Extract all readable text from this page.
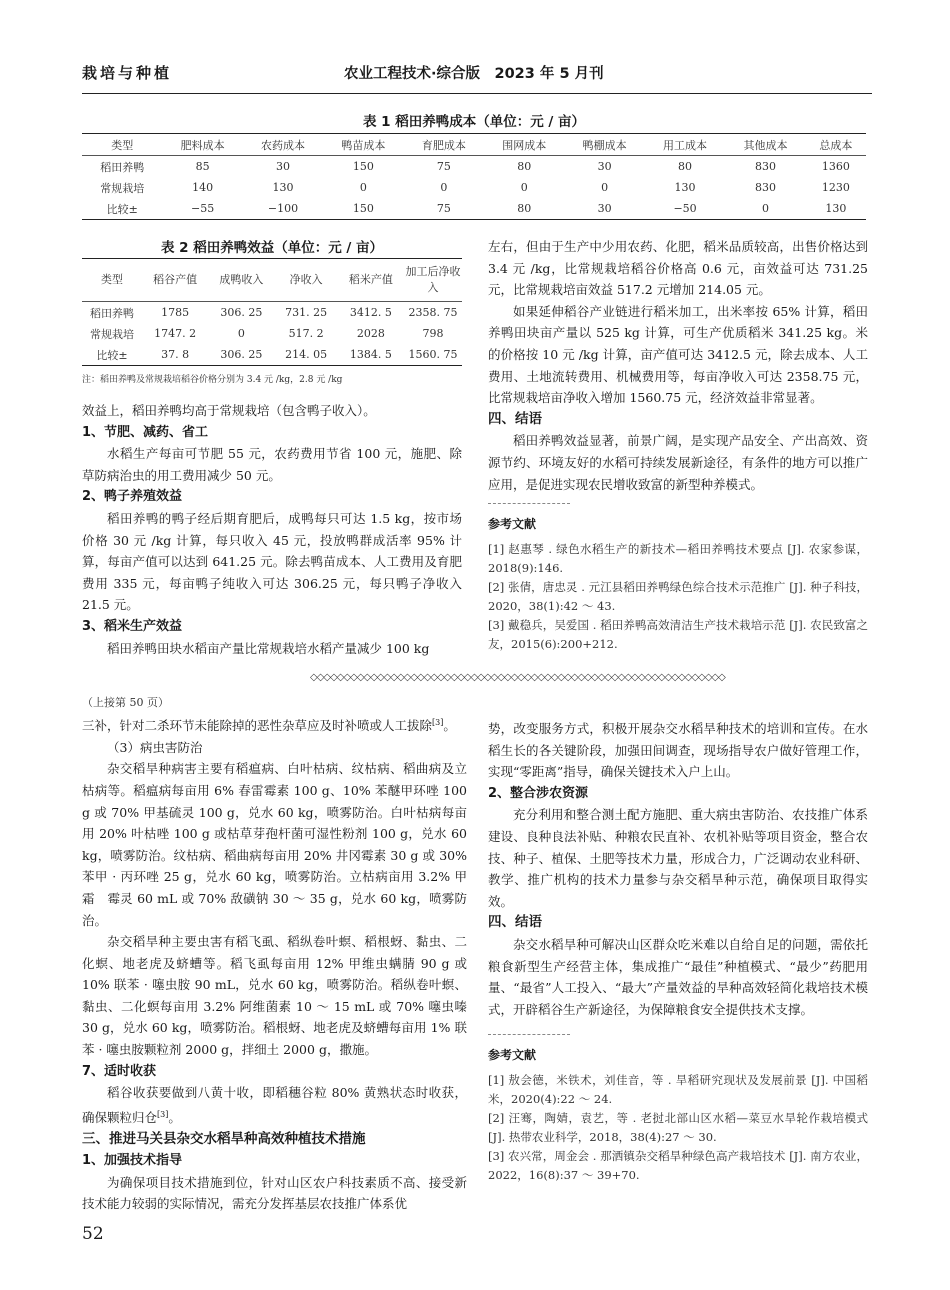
栽培与种植	农业工程技术·综合版　2023 年 5 月刊
表 1 稻田养鸭成本（单位：元 / 亩）
类型	肥料成本	农药成本	鸭苗成本	育肥成本	围网成本	鸭棚成本	用工成本	其他成本	总成本
稻田养鸭	85	30	150	75	80	30	80	830	1360
常规栽培	140	130	0	0	0	0	130	830	1230
比较±	−55	−100	150	75	80	30	−50	0	130
表 2 稻田养鸭效益（单位：元 / 亩）
类型	稻谷产值	成鸭收入	净收入	稻米产值	加工后净收入
稻田养鸭	1785	306. 25	731. 25	3412. 5	2358. 75
常规栽培	1747. 2	0	517. 2	2028	798
比较±	37. 8	306. 25	214. 05	1384. 5	1560. 75
注：稻田养鸭及常规栽培稻谷价格分别为 3.4 元 /kg，2.8 元 /kg

效益上，稻田养鸭均高于常规栽培（包含鸭子收入）。

1、节肥、减药、省工

水稻生产每亩可节肥 55 元，农药费用节省 100 元，施肥、除草防病治虫的用工费用减少 50 元。

2、鸭子养殖效益

稻田养鸭的鸭子经后期育肥后，成鸭每只可达 1.5 kg，按市场价格 30 元 /kg 计算，每只收入 45 元，投放鸭群成活率 95% 计算，每亩产值可以达到 641.25 元。除去鸭苗成本、人工费用及育肥费用 335 元，每亩鸭子纯收入可达 306.25 元，每只鸭子净收入 21.5 元。

3、稻米生产效益

稻田养鸭田块水稻亩产量比常规栽培水稻产量减少 100 kg

左右，但由于生产中少用农药、化肥，稻米品质较高，出售价格达到 3.4 元 /kg，比常规栽培稻谷价格高 0.6 元，亩效益可达 731.25 元，比常规栽培亩效益 517.2 元增加 214.05 元。

如果延伸稻谷产业链进行稻米加工，出米率按 65% 计算，稻田养鸭田块亩产量以 525 kg 计算，可生产优质稻米 341.25 kg。米的价格按 10 元 /kg 计算，亩产值可达 3412.5 元，除去成本、人工费用、土地流转费用、机械费用等，每亩净收入可达 2358.75 元，比常规栽培亩净收入增加 1560.75 元，经济效益非常显著。

四、结语

稻田养鸭效益显著，前景广阔，是实现产品安全、产出高效、资源节约、环境友好的水稻可持续发展新途径，有条件的地方可以推广应用，是促进实现农民增收致富的新型种养模式。

参考文献

[1] 赵惠琴 . 绿色水稻生产的新技术—稻田养鸭技术要点 [J]. 农家参谋，2018(9):146.

[2] 张倩，唐忠灵 . 元江县稻田养鸭绿色综合技术示范推广 [J]. 种子科技，2020，38(1):42 ～ 43.

[3] 戴稳兵，吴爱国 . 稻田养鸭高效清洁生产技术栽培示范 [J]. 农民致富之友，2015(6):200+212.

◇◇◇◇◇◇◇◇◇◇◇◇◇◇◇◇◇◇◇◇◇◇◇◇◇◇◇◇◇◇◇◇◇◇◇◇◇◇◇◇◇◇◇◇◇◇◇◇◇◇◇◇◇◇◇◇◇◇◇◇◇◇

（上接第 50 页）

三补，针对二杀环节未能除掉的恶性杂草应及时补喷或人工拔除[3]。

（3）病虫害防治

杂交稻旱种病害主要有稻瘟病、白叶枯病、纹枯病、稻曲病及立枯病等。稻瘟病每亩用 6% 春雷霉素 100 g、10% 苯醚甲环唑 100 g 或 70% 甲基硫灵 100 g，兑水 60 kg，喷雾防治。白叶枯病每亩用 20% 叶枯唑 100 g 或枯草芽孢杆菌可湿性粉剂 100 g，兑水 60 kg，喷雾防治。纹枯病、稻曲病每亩用 20% 井冈霉素 30 g 或 30% 苯甲 · 丙环唑 25 g，兑水 60 kg，喷雾防治。立枯病亩用 3.2% 甲霜　霉灵 60 mL 或 70% 敌磺钠 30 ～ 35 g，兑水 60 kg，喷雾防治。

杂交稻旱种主要虫害有稻飞虱、稻纵卷叶螟、稻根蚜、黏虫、二化螟、地老虎及蛴螬等。稻飞虱每亩用 12% 甲维虫螨腈 90 g 或 10% 联苯 · 噻虫胺 90 mL，兑水 60 kg，喷雾防治。稻纵卷叶螟、黏虫、二化螟每亩用 3.2% 阿维菌素 10 ～ 15 mL 或 70% 噻虫嗪 30 g，兑水 60 kg，喷雾防治。稻根蚜、地老虎及蛴螬每亩用 1% 联苯 · 噻虫胺颗粒剂 2000 g，拌细土 2000 g，撒施。

7、适时收获

稻谷收获要做到八黄十收，即稻穗谷粒 80% 黄熟状态时收获，确保颗粒归仓[3]。

三、推进马关县杂交水稻旱种高效种植技术措施

1、加强技术指导

为确保项目技术措施到位，针对山区农户科技素质不高、接受新技术能力较弱的实际情况，需充分发挥基层农技推广体系优

势，改变服务方式，积极开展杂交水稻旱种技术的培训和宣传。在水稻生长的各关键阶段，加强田间调查，现场指导农户做好管理工作，实现“零距离”指导，确保关键技术入户上山。

2、整合涉农资源

充分利用和整合测土配方施肥、重大病虫害防治、农技推广体系建设、良种良法补贴、种粮农民直补、农机补贴等项目资金，整合农技、种子、植保、土肥等技术力量，形成合力，广泛调动农业科研、教学、推广机构的技术力量参与杂交稻旱种示范，确保项目取得实效。

四、结语

杂交水稻旱种可解决山区群众吃米难以自给自足的问题，需依托粮食新型生产经营主体，集成推广“最佳”种植模式、“最少”药肥用量、“最省”人工投入、“最大”产量效益的旱种高效轻简化栽培技术模式，开辟稻谷生产新途径，为保障粮食安全提供技术支撑。

参考文献

[1] 敖会德，米铁术，刘佳音，等 . 旱稻研究现状及发展前景 [J]. 中国稻米，2020(4):22 ～ 24.

[2] 汪骞，陶婧，袁艺，等 . 老挝北部山区水稻—菜豆水旱轮作栽培模式 [J]. 热带农业科学，2018，38(4):27 ～ 30.

[3] 农兴常，周金会 . 那洒镇杂交稻旱种绿色高产栽培技术 [J]. 南方农业，2022，16(8):37 ～ 39+70.

52
